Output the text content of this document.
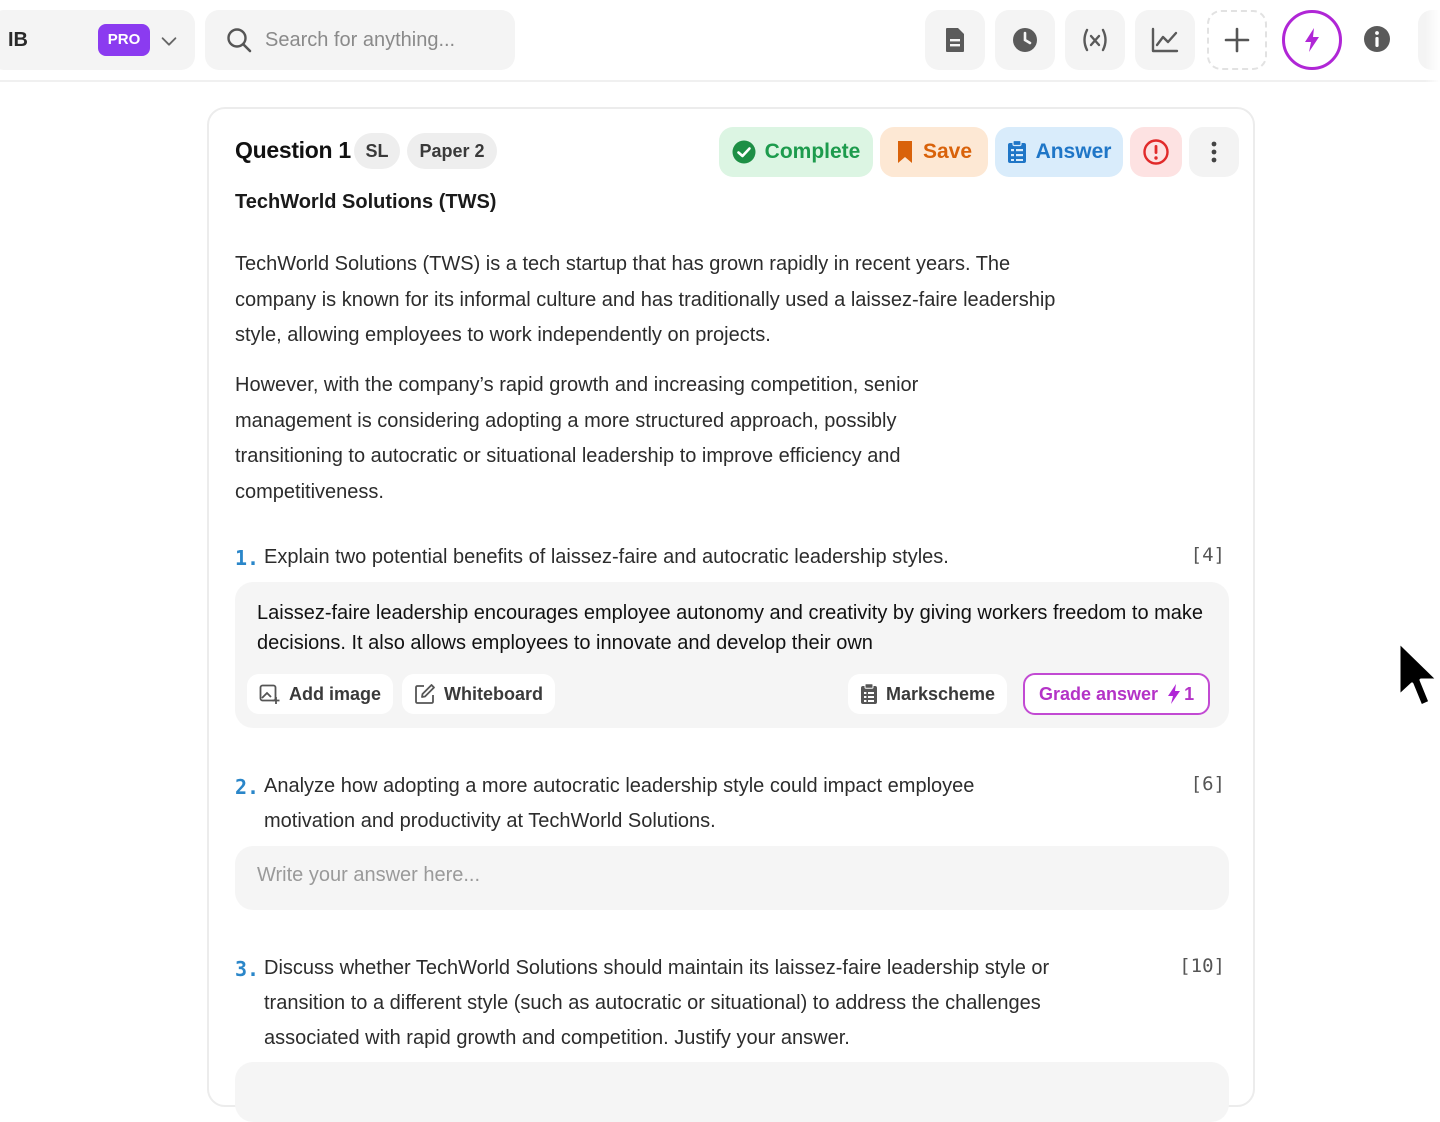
IB	PRO
Search for anything...
Question 1 SL	Paper 2	Complete	Save	Answer
TechWorld Solutions (TWS)
TechWorld Solutions (TWS) is a tech startup that has grown rapidly in recent years. The company is known for its informal culture and has traditionally used a laissez-faire leadership style, allowing employees to work independently on projects.
However, with the company’s rapid growth and increasing competition, senior management is considering adopting a more structured approach, possibly transitioning to autocratic or situational leadership to improve efficiency and competitiveness.
1. Explain two potential benefits of laissez-faire and autocratic leadership styles.	[4]
Laissez-faire leadership encourages employee autonomy and creativity by giving workers freedom to make decisions. It also allows employees to innovate and develop their own
Add image	Whiteboard	Markscheme Grade answer 1
2. Analyze how adopting a more autocratic leadership style could impact employee motivation and productivity at TechWorld Solutions.
[6]
Write your answer here...
3. Discuss whether TechWorld Solutions should maintain its laissez-faire leadership style or transition to a different style (such as autocratic or situational) to address the challenges associated with rapid growth and competition. Justify your answer.
[10]
